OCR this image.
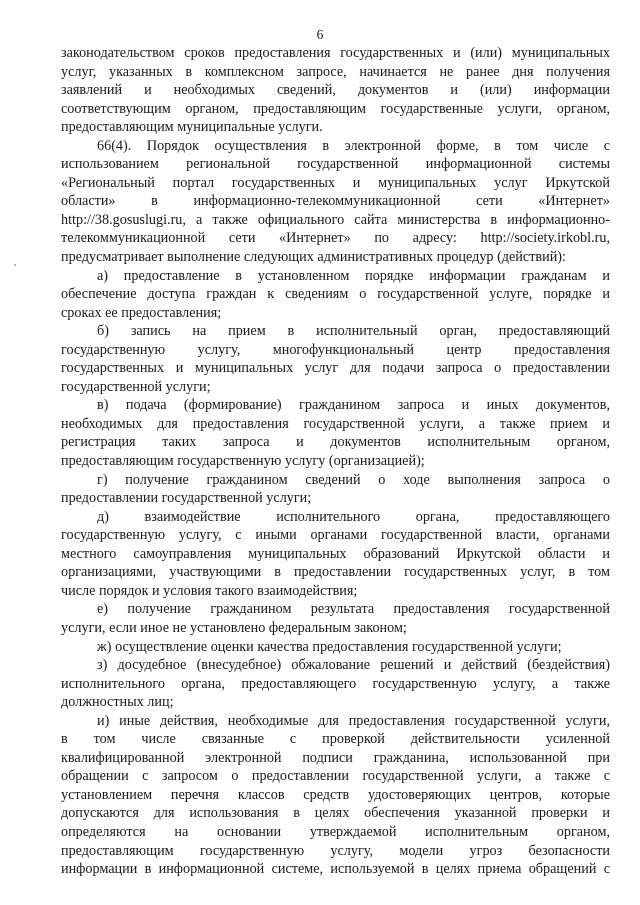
6

законодательством сроков предоставления государственных и (или) муниципальных

услуг, указанных в комплексном запросе, начинается не ранее дня получения

заявлений и необходимых сведений, документов и (или) информации

соответствующим органом, предоставляющим государственные услуги, органом,

предоставляющим муниципальные услуги.

66(4). Порядок осуществления в электронной форме, в том числе с

использованием региональной государственной информационной системы

«Региональный портал государственных и муниципальных услуг Иркутской

области» в информационно-телекоммуникационной сети «Интернет»

http://38.gosuslugi.ru, а также официального сайта министерства в информационно-

телекоммуникационной сети «Интернет» по адресу: http://society.irkobl.ru,

предусматривает выполнение следующих административных процедур (действий):

а) предоставление в установленном порядке информации гражданам и

обеспечение доступа граждан к сведениям о государственной услуге, порядке и

сроках ее предоставления;

б) запись на прием в исполнительный орган, предоставляющий

государственную услугу, многофункциональный центр предоставления

государственных и муниципальных услуг для подачи запроса о предоставлении

государственной услуги;

в) подача (формирование) гражданином запроса и иных документов,

необходимых для предоставления государственной услуги, а также прием и

регистрация таких запроса и документов исполнительным органом,

предоставляющим государственную услугу (организацией);

г) получение гражданином сведений о ходе выполнения запроса о

предоставлении государственной услуги;

д) взаимодействие исполнительного органа, предоставляющего

государственную услугу, с иными органами государственной власти, органами

местного самоуправления муниципальных образований Иркутской области и

организациями, участвующими в предоставлении государственных услуг, в том

числе порядок и условия такого взаимодействия;

е) получение гражданином результата предоставления государственной

услуги, если иное не установлено федеральным законом;

ж) осуществление оценки качества предоставления государственной услуги;

з) досудебное (внесудебное) обжалование решений и действий (бездействия)

исполнительного органа, предоставляющего государственную услугу, а также

должностных лиц;

и) иные действия, необходимые для предоставления государственной услуги,

в том числе связанные с проверкой действительности усиленной

квалифицированной электронной подписи гражданина, использованной при

обращении с запросом о предоставлении государственной услуги, а также с

установлением перечня классов средств удостоверяющих центров, которые

допускаются для использования в целях обеспечения указанной проверки и

определяются на основании утверждаемой исполнительным органом,

предоставляющим государственную услугу, модели угроз безопасности

информации в информационной системе, используемой в целях приема обращений с
